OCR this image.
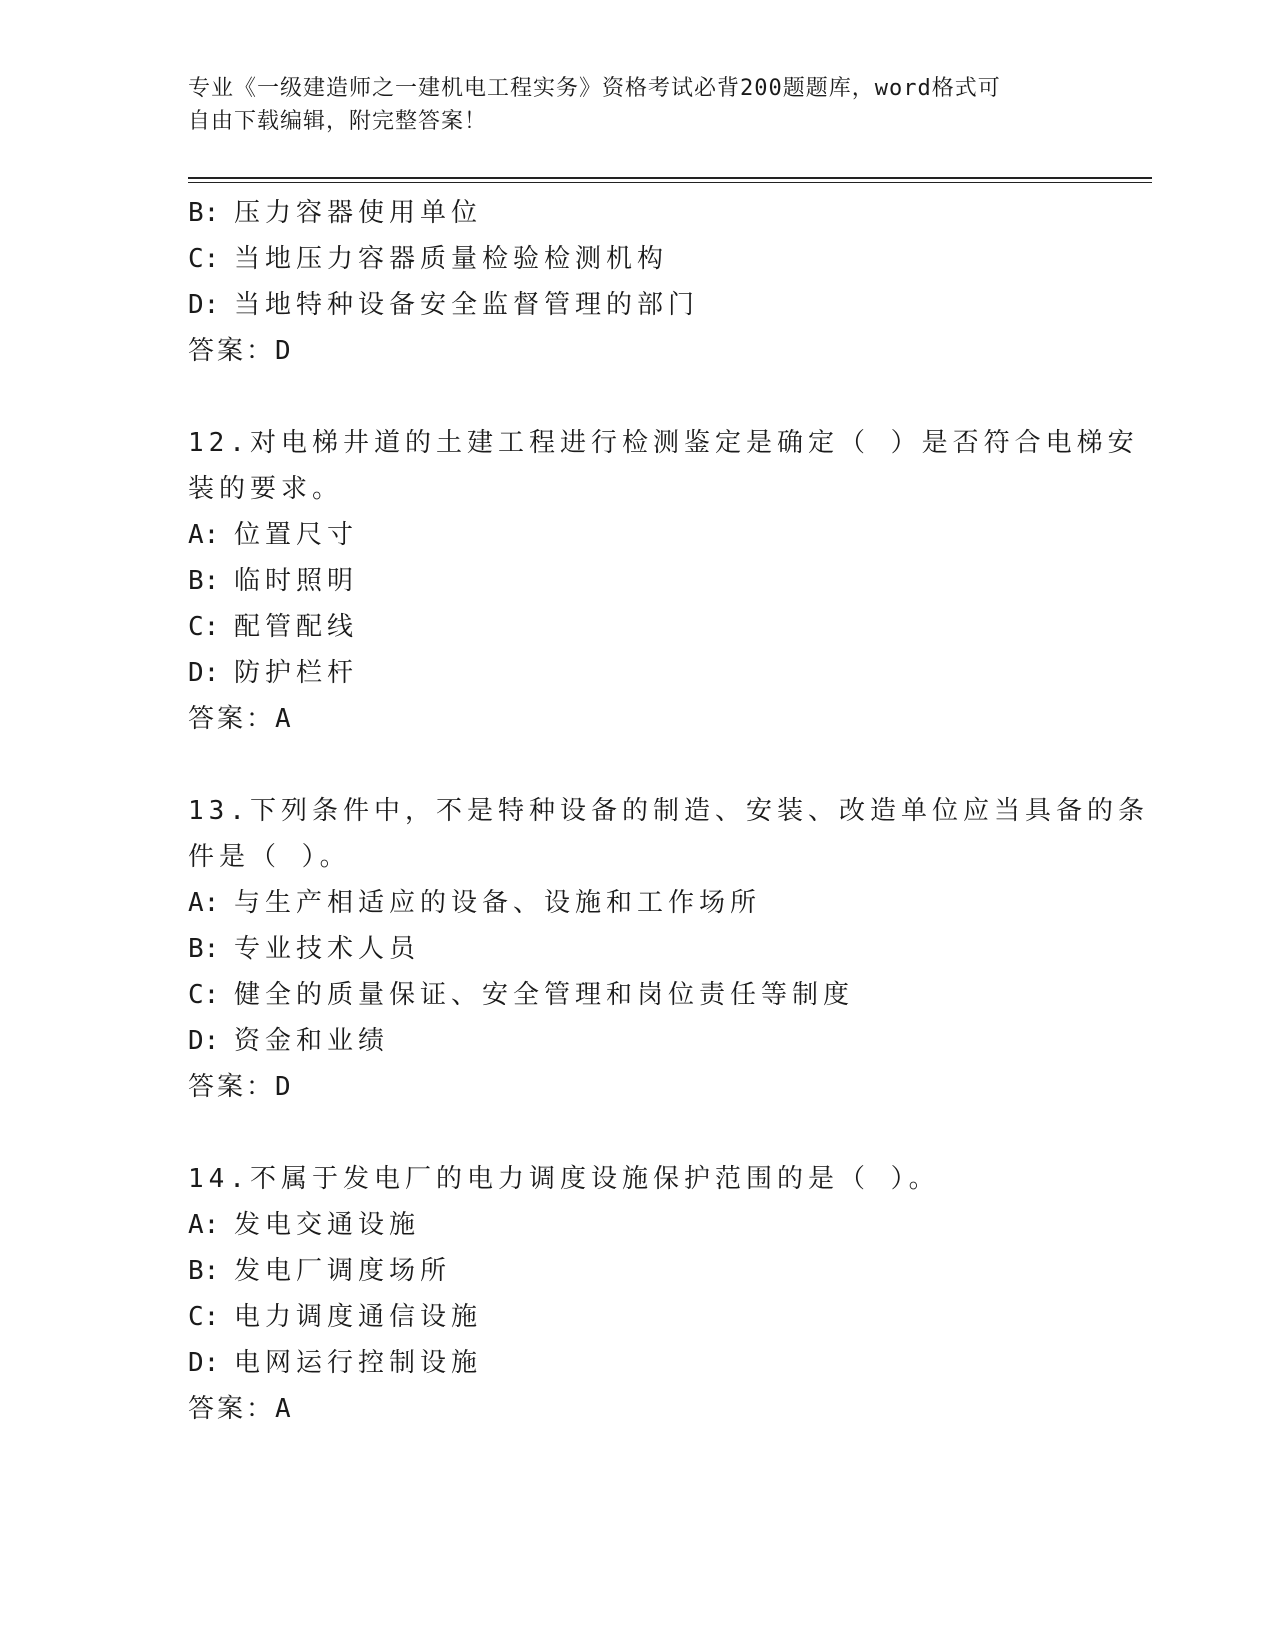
专业《一级建造师之一建机电工程实务》资格考试必背200题题库，word格式可
自由下载编辑，附完整答案！
B: 压力容器使用单位
C: 当地压力容器质量检验检测机构
D: 当地特种设备安全监督管理的部门
答案：D
12.对电梯井道的土建工程进行检测鉴定是确定（ ）是否符合电梯安
装的要求。
A: 位置尺寸
B: 临时照明
C: 配管配线
D: 防护栏杆
答案：A
13.下列条件中，不是特种设备的制造、安装、改造单位应当具备的条
件是（ ）。
A: 与生产相适应的设备、设施和工作场所
B: 专业技术人员
C: 健全的质量保证、安全管理和岗位责任等制度
D: 资金和业绩
答案：D
14.不属于发电厂的电力调度设施保护范围的是（ ）。
A: 发电交通设施
B: 发电厂调度场所
C: 电力调度通信设施
D: 电网运行控制设施
答案：A
